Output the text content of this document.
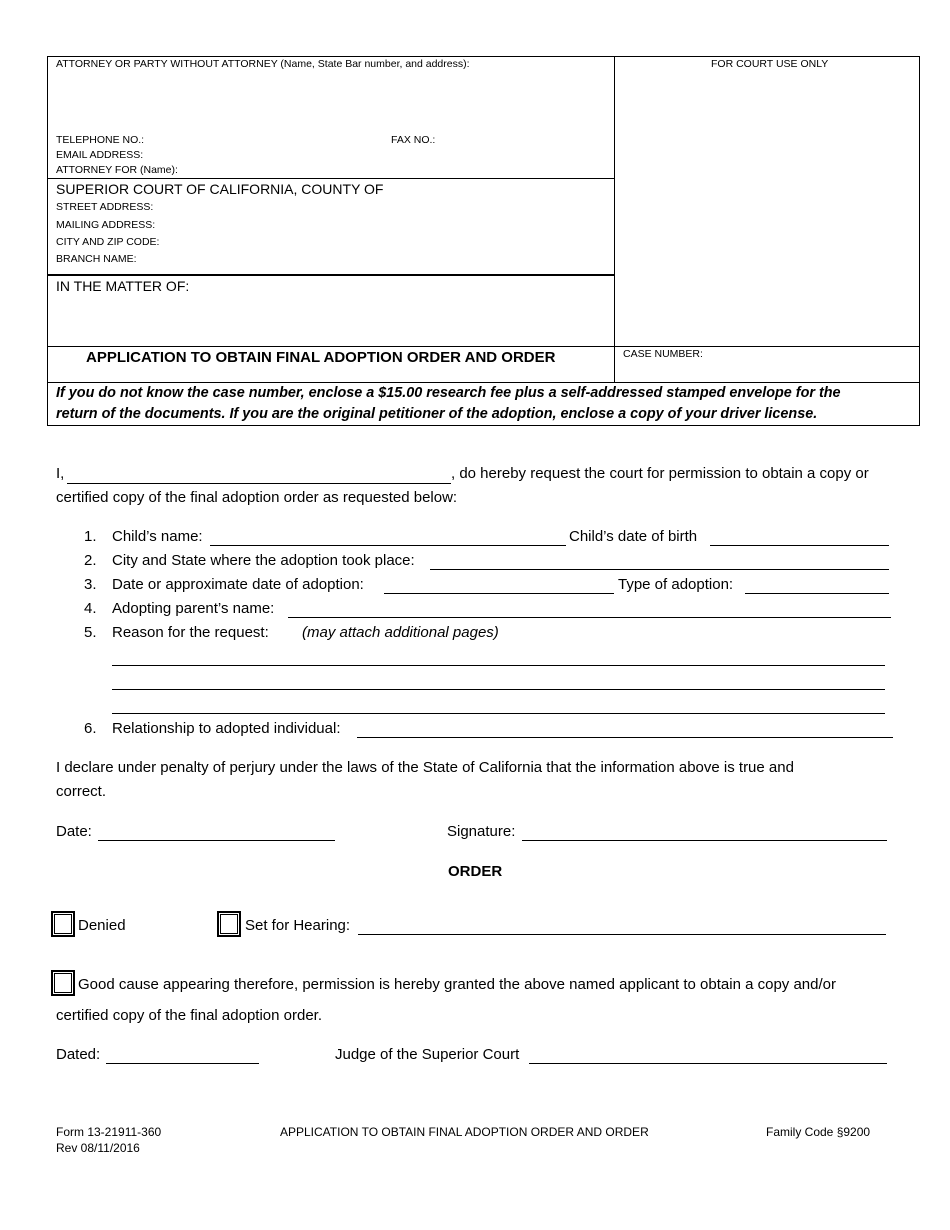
ATTORNEY OR PARTY WITHOUT ATTORNEY (Name, State Bar number, and address):	FOR COURT USE ONLY
TELEPHONE NO.:	FAX NO.:
EMAIL ADDRESS:
ATTORNEY FOR (Name):
SUPERIOR COURT OF CALIFORNIA, COUNTY OF
STREET ADDRESS:
MAILING ADDRESS:
CITY AND ZIP CODE:
BRANCH NAME:
IN THE MATTER OF:
APPLICATION TO OBTAIN FINAL ADOPTION ORDER AND ORDER	CASE NUMBER:
If you do not know the case number, enclose a $15.00 research fee plus a self-addressed stamped envelope for the
return of the documents. If you are the original petitioner of the adoption, enclose a copy of your driver license.
I,	, do hereby request the court for permission to obtain a copy or
certified copy of the final adoption order as requested below:
1. Child’s name:	Child’s date of birth
2. City and State where the adoption took place:
3. Date or approximate date of adoption:	Type of adoption:
4. Adopting parent’s name:
5. Reason for the request: (may attach additional pages)
6. Relationship to adopted individual:
I declare under penalty of perjury under the laws of the State of California that the information above is true and
correct.
Date:	Signature:
ORDER
Denied	Set for Hearing:
Good cause appearing therefore, permission is hereby granted the above named applicant to obtain a copy and/or
certified copy of the final adoption order.
Dated:	Judge of the Superior Court
Form 13-21911-360
Rev 08/11/2016
APPLICATION TO OBTAIN FINAL ADOPTION ORDER AND ORDER	Family Code §9200
